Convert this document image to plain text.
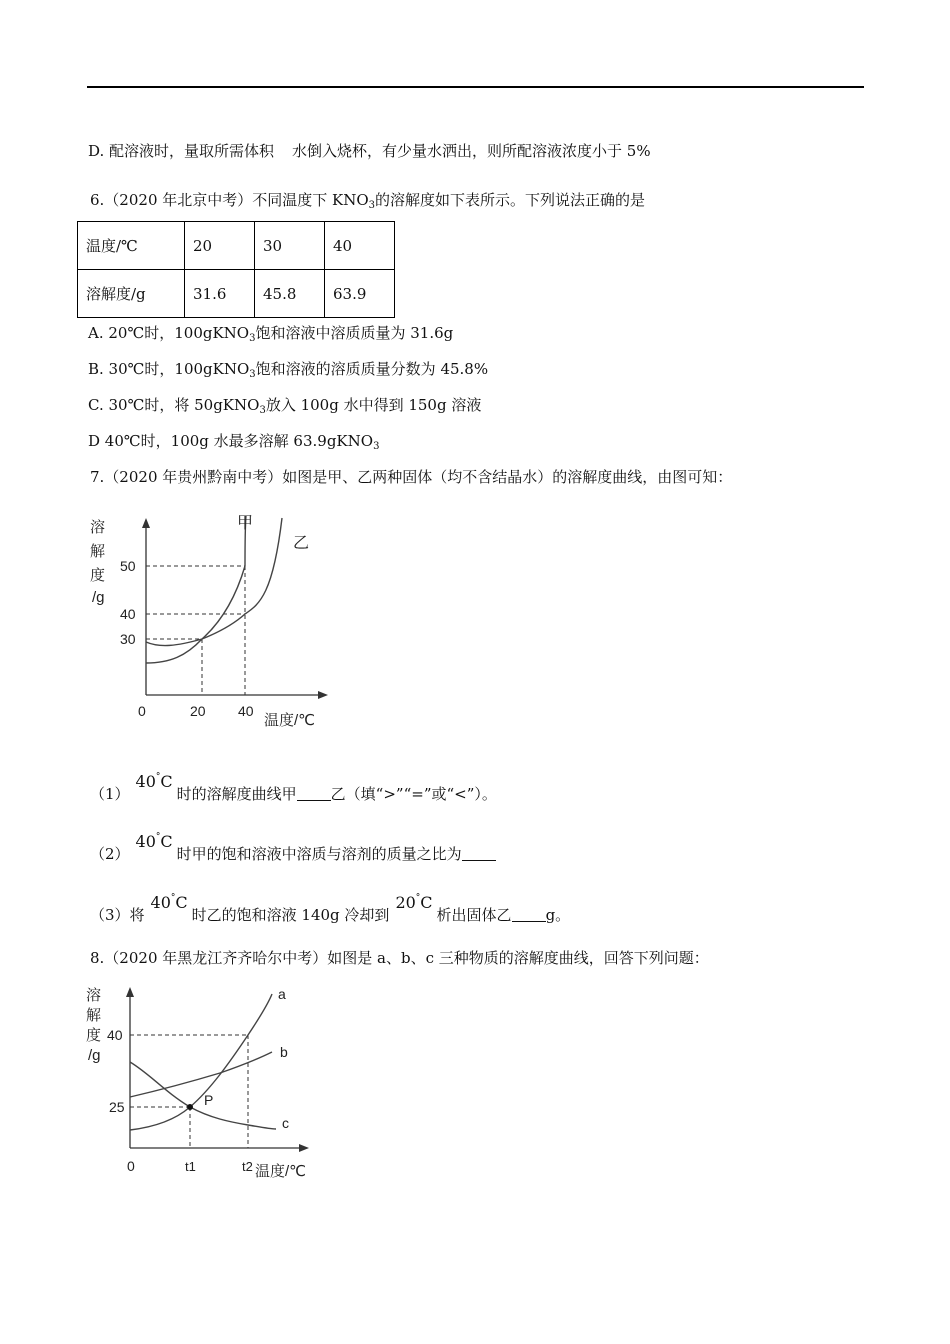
D. 配溶液时，量取所需体积 水倒入烧杯，有少量水洒出，则所配溶液浓度小于 5%
6.（2020 年北京中考）不同温度下 $KNO_3$的溶解度如下表所示。下列说法正确的是
温度/℃	20	30	40
溶解度/g	31.6	45.8	63.9
A. 20℃时，100gKNO$_3$饱和溶液中溶质质量为 31.6g
B. 30℃时，100gKNO$_3$饱和溶液的溶质质量分数为 45.8%
C. 30℃时，将 50gKNO$_3$放入 100g 水中得到 150g 溶液
D 40℃时，100g 水最多溶解 63.9gKNO$_3$
7.（2020 年贵州黔南中考）如图是甲、乙两种固体（均不含结晶水）的溶解度曲线，由图可知：
溶
解
度
/g
甲
乙
50
40
30
0	20 40
温度/℃
（1）40°C时的溶解度曲线甲 乙（填“>”“=”或“<”）。
（2）40°C时甲的饱和溶液中溶质与溶剂的质量之比为
（3）将40°C时乙的饱和溶液 140g 冷却到20°C析出固体乙 g。
8.（2020 年黑龙江齐齐哈尔中考）如图是 a、b、c 三种物质的溶解度曲线，回答下列问题：
溶
解
度
/g
P
a
b
c
40
25
0	t1	t2 温度/℃
